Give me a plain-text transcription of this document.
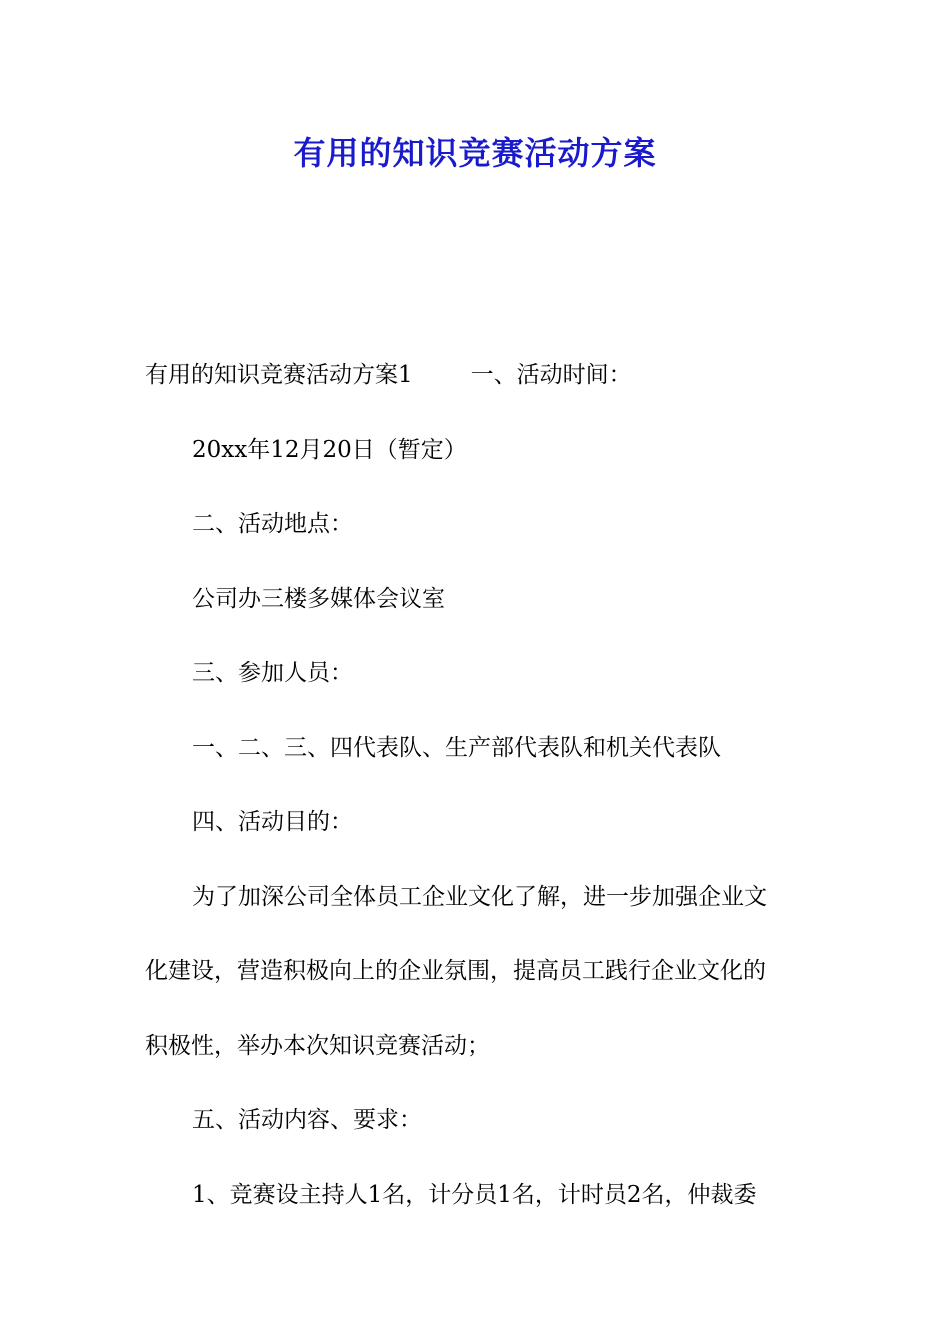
有用的知识竞赛活动方案
有用的知识竞赛活动方案1	一、活动时间：
20xx年12月20日（暂定）
二、活动地点：
公司办三楼多媒体会议室
三、参加人员：
一、二、三、四代表队、生产部代表队和机关代表队
四、活动目的：
为了加深公司全体员工企业文化了解，进一步加强企业文
化建设，营造积极向上的企业氛围，提高员工践行企业文化的
积极性，举办本次知识竞赛活动；
五、活动内容、要求：
1、竞赛设主持人1名，计分员1名，计时员2名，仲裁委
